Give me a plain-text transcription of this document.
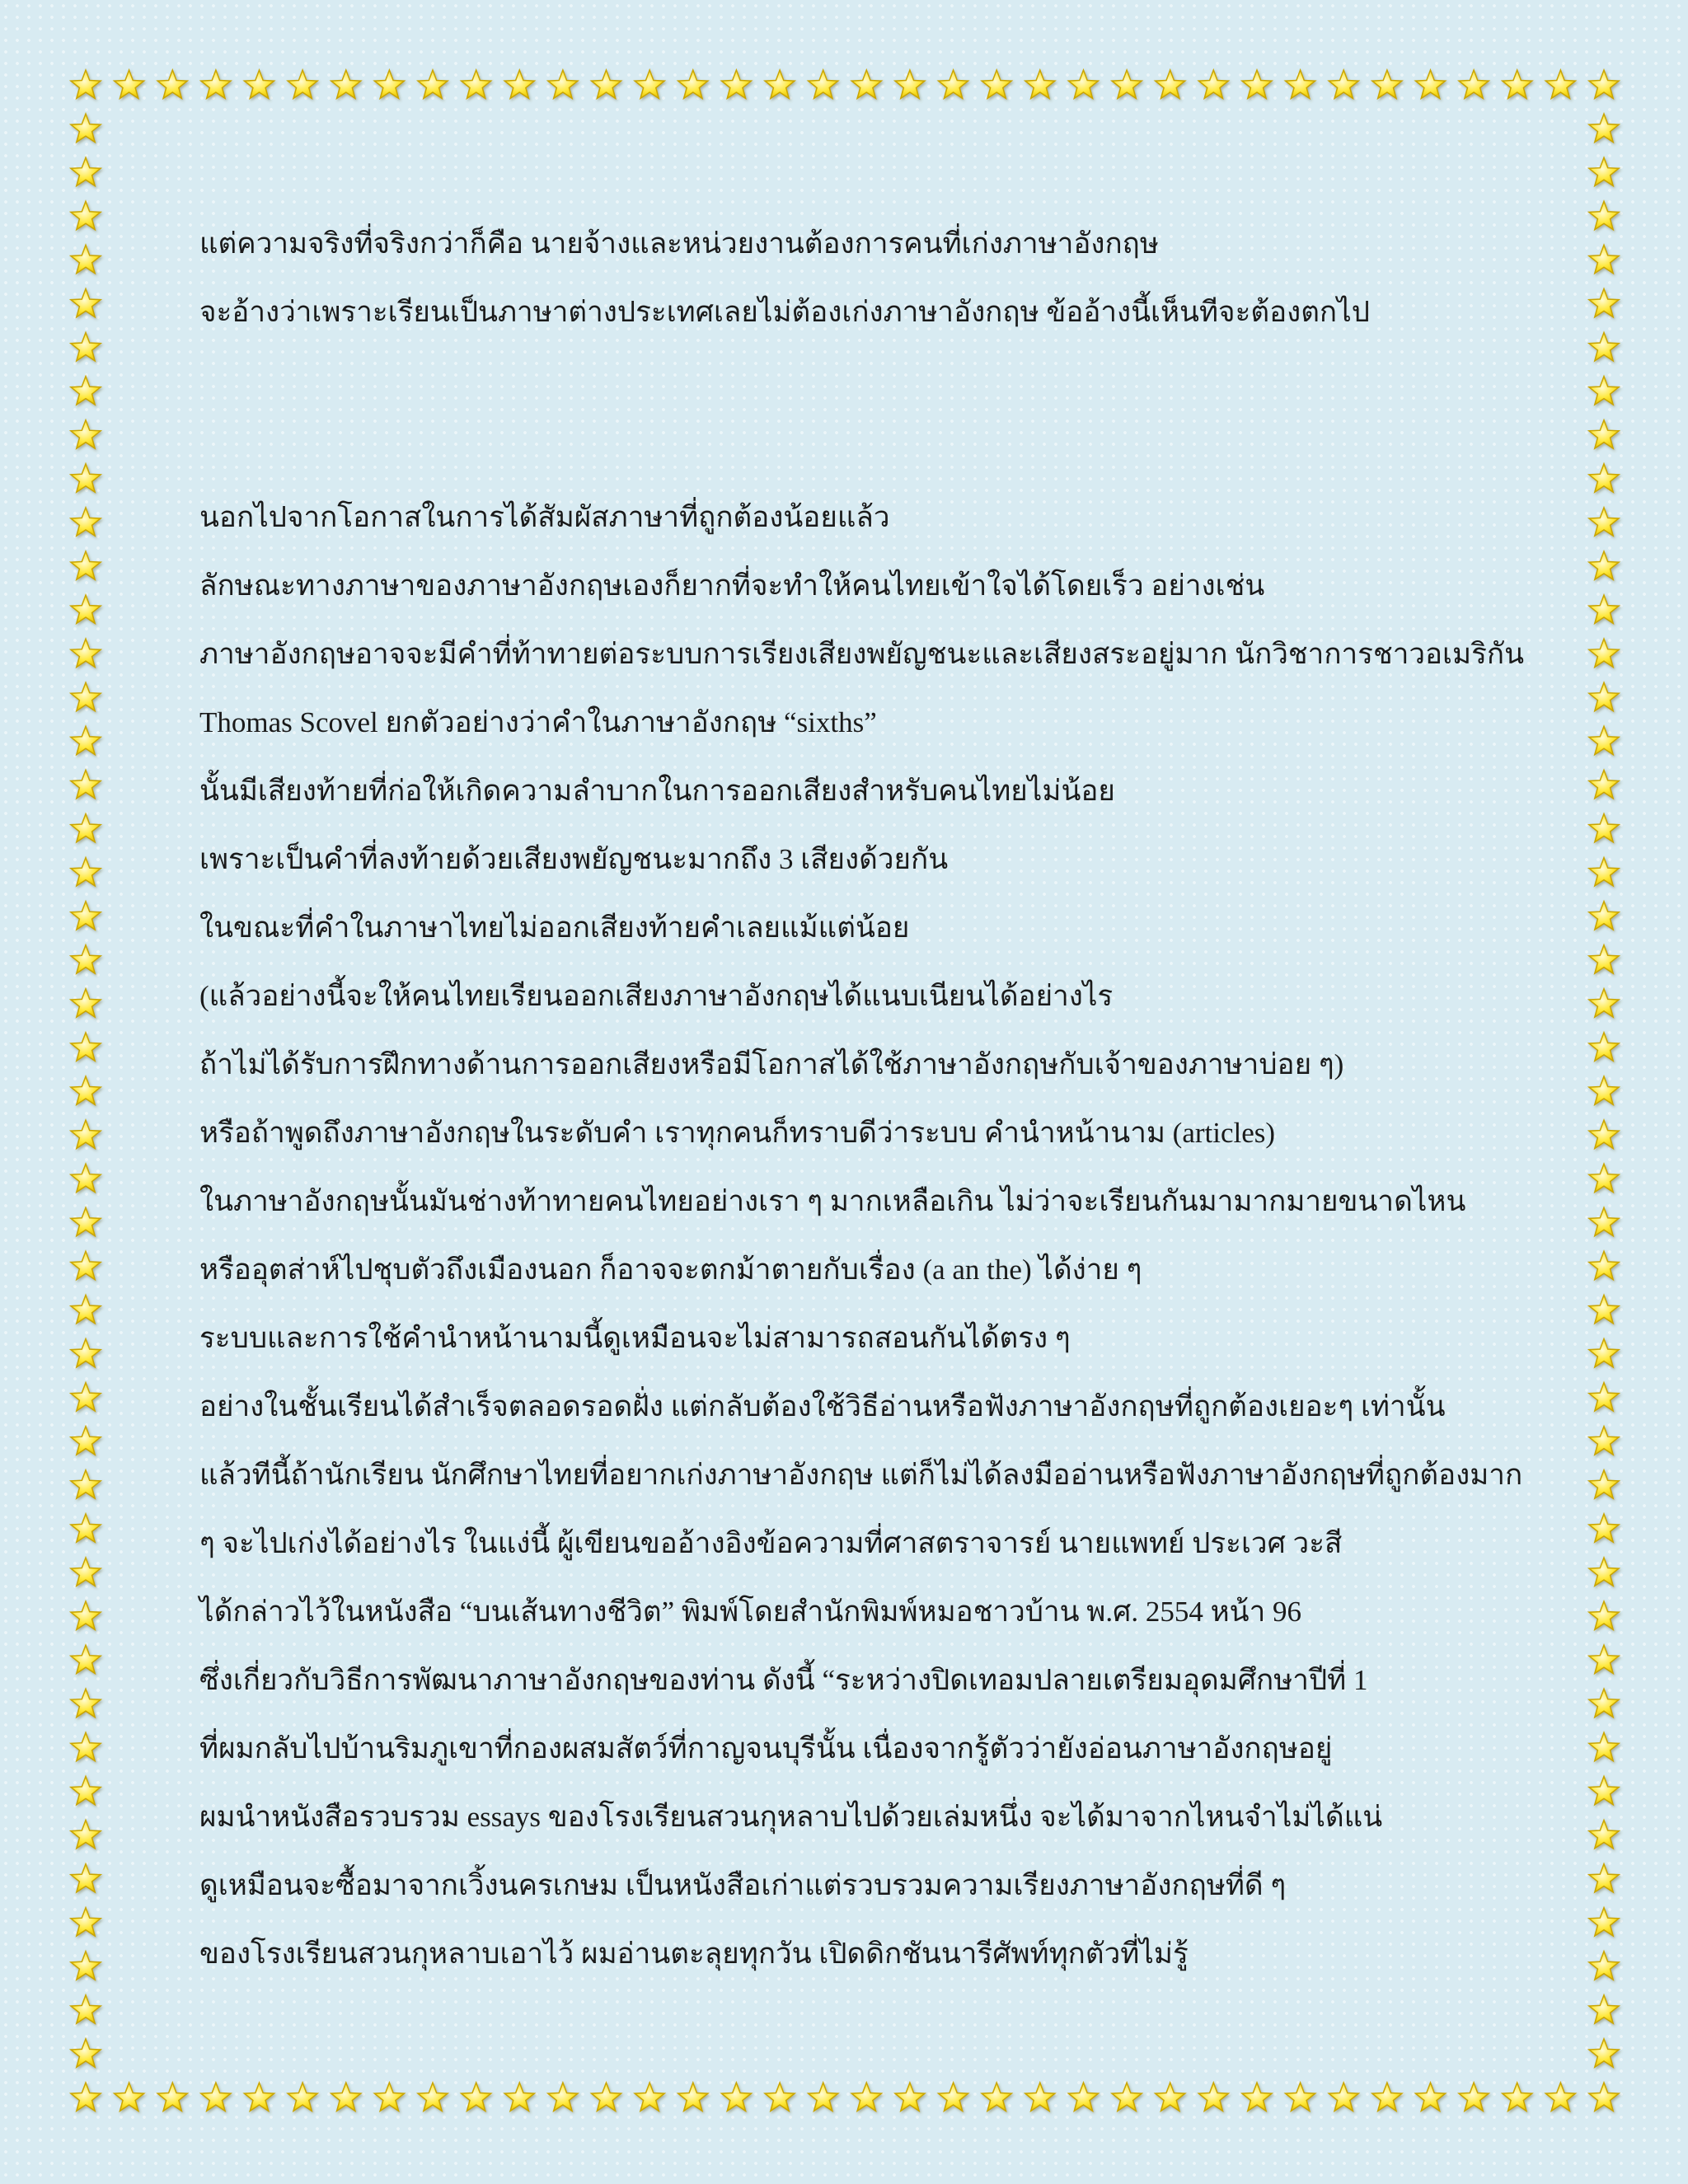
แต่ความจริงที่จริงกว่าก็คือ นายจ้างและหน่วยงานต้องการคนที่เก่งภาษาอังกฤษ
จะอ้างว่าเพราะเรียนเป็นภาษาต่างประเทศเลยไม่ต้องเก่งภาษาอังกฤษ ข้ออ้างนี้เห็นทีจะต้องตกไป
นอกไปจากโอกาสในการได้สัมผัสภาษาที่ถูกต้องน้อยแล้ว
ลักษณะทางภาษาของภาษาอังกฤษเองก็ยากที่จะทำให้คนไทยเข้าใจได้โดยเร็ว อย่างเช่น
ภาษาอังกฤษอาจจะมีคำที่ท้าทายต่อระบบการเรียงเสียงพยัญชนะและเสียงสระอยู่มาก นักวิชาการชาวอเมริกัน
Thomas Scovel ยกตัวอย่างว่าคำในภาษาอังกฤษ “sixths”
นั้นมีเสียงท้ายที่ก่อให้เกิดความลำบากในการออกเสียงสำหรับคนไทยไม่น้อย
เพราะเป็นคำที่ลงท้ายด้วยเสียงพยัญชนะมากถึง 3 เสียงด้วยกัน
ในขณะที่คำในภาษาไทยไม่ออกเสียงท้ายคำเลยแม้แต่น้อย
(แล้วอย่างนี้จะให้คนไทยเรียนออกเสียงภาษาอังกฤษได้แนบเนียนได้อย่างไร
ถ้าไม่ได้รับการฝึกทางด้านการออกเสียงหรือมีโอกาสได้ใช้ภาษาอังกฤษกับเจ้าของภาษาบ่อย ๆ)
หรือถ้าพูดถึงภาษาอังกฤษในระดับคำ เราทุกคนก็ทราบดีว่าระบบ คำนำหน้านาม (articles)
ในภาษาอังกฤษนั้นมันช่างท้าทายคนไทยอย่างเรา ๆ มากเหลือเกิน ไม่ว่าจะเรียนกันมามากมายขนาดไหน
หรืออุตส่าห์ไปชุบตัวถึงเมืองนอก ก็อาจจะตกม้าตายกับเรื่อง (a an the) ได้ง่าย ๆ
ระบบและการใช้คำนำหน้านามนี้ดูเหมือนจะไม่สามารถสอนกันได้ตรง ๆ
อย่างในชั้นเรียนได้สำเร็จตลอดรอดฝั่ง แต่กลับต้องใช้วิธีอ่านหรือฟังภาษาอังกฤษที่ถูกต้องเยอะๆ เท่านั้น
แล้วทีนี้ถ้านักเรียน นักศึกษาไทยที่อยากเก่งภาษาอังกฤษ แต่ก็ไม่ได้ลงมืออ่านหรือฟังภาษาอังกฤษที่ถูกต้องมาก
ๆ จะไปเก่งได้อย่างไร ในแง่นี้ ผู้เขียนขออ้างอิงข้อความที่ศาสตราจารย์ นายแพทย์ ประเวศ วะสี
ได้กล่าวไว้ในหนังสือ “บนเส้นทางชีวิต” พิมพ์โดยสำนักพิมพ์หมอชาวบ้าน พ.ศ. 2554 หน้า 96
ซึ่งเกี่ยวกับวิธีการพัฒนาภาษาอังกฤษของท่าน ดังนี้ “ระหว่างปิดเทอมปลายเตรียมอุดมศึกษาปีที่ 1
ที่ผมกลับไปบ้านริมภูเขาที่กองผสมสัตว์ที่กาญจนบุรีนั้น เนื่องจากรู้ตัวว่ายังอ่อนภาษาอังกฤษอยู่
ผมนำหนังสือรวบรวม essays ของโรงเรียนสวนกุหลาบไปด้วยเล่มหนึ่ง จะได้มาจากไหนจำไม่ได้แน่
ดูเหมือนจะซื้อมาจากเวิ้งนครเกษม เป็นหนังสือเก่าแต่รวบรวมความเรียงภาษาอังกฤษที่ดี ๆ
ของโรงเรียนสวนกุหลาบเอาไว้ ผมอ่านตะลุยทุกวัน เปิดดิกชันนารีศัพท์ทุกตัวที่ไม่รู้
